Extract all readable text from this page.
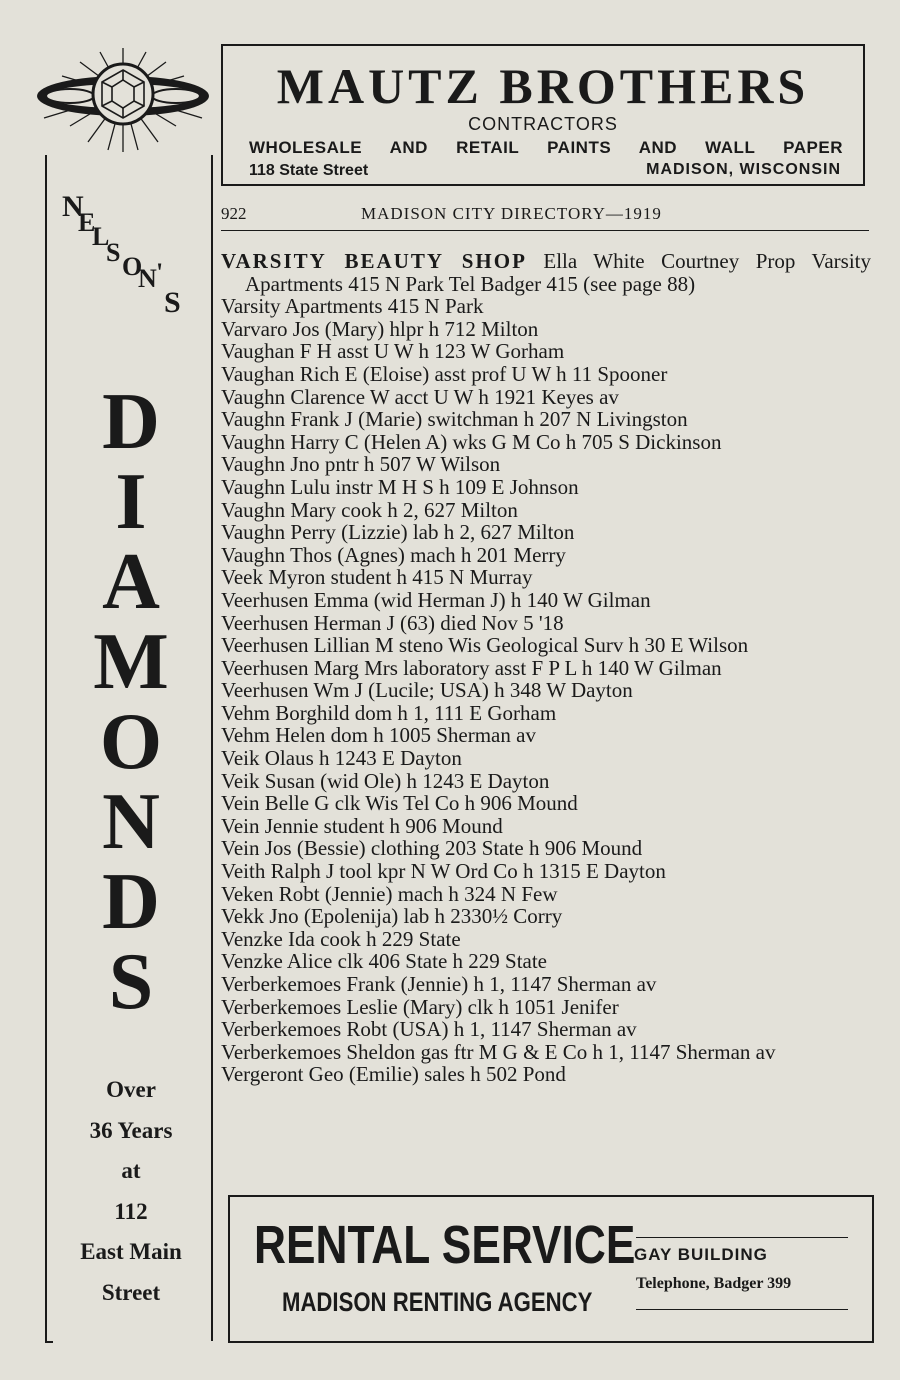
N
E
L
S O
N '
S
D
I
A
M
O
N
D
S
Over
36 Years
at
112
East Main
Street
MAUTZ BROTHERS
CONTRACTORS
WHOLESALE AND RETAIL PAINTS AND WALL PAPER
118 State Street	MADISON, WISCONSIN
922	MADISON CITY DIRECTORY—1919
VARSITY BEAUTY SHOP Ella White Courtney Prop Varsity Apartments 415 N Park Tel Badger 415 (see page 88)
Varsity Apartments 415 N Park
Varvaro Jos (Mary) hlpr h 712 Milton
Vaughan F H asst U W h 123 W Gorham
Vaughan Rich E (Eloise) asst prof U W h 11 Spooner
Vaughn Clarence W acct U W h 1921 Keyes av
Vaughn Frank J (Marie) switchman h 207 N Livingston
Vaughn Harry C (Helen A) wks G M Co h 705 S Dickinson
Vaughn Jno pntr h 507 W Wilson
Vaughn Lulu instr M H S h 109 E Johnson
Vaughn Mary cook h 2, 627 Milton
Vaughn Perry (Lizzie) lab h 2, 627 Milton
Vaughn Thos (Agnes) mach h 201 Merry
Veek Myron student h 415 N Murray
Veerhusen Emma (wid Herman J) h 140 W Gilman
Veerhusen Herman J (63) died Nov 5 '18
Veerhusen Lillian M steno Wis Geological Surv h 30 E Wilson
Veerhusen Marg Mrs laboratory asst F P L h 140 W Gilman
Veerhusen Wm J (Lucile; USA) h 348 W Dayton
Vehm Borghild dom h 1, 111 E Gorham
Vehm Helen dom h 1005 Sherman av
Veik Olaus h 1243 E Dayton
Veik Susan (wid Ole) h 1243 E Dayton
Vein Belle G clk Wis Tel Co h 906 Mound
Vein Jennie student h 906 Mound
Vein Jos (Bessie) clothing 203 State h 906 Mound
Veith Ralph J tool kpr N W Ord Co h 1315 E Dayton
Veken Robt (Jennie) mach h 324 N Few
Vekk Jno (Epolenija) lab h 2330½ Corry
Venzke Ida cook h 229 State
Venzke Alice clk 406 State h 229 State
Verberkemoes Frank (Jennie) h 1, 1147 Sherman av
Verberkemoes Leslie (Mary) clk h 1051 Jenifer
Verberkemoes Robt (USA) h 1, 1147 Sherman av
Verberkemoes Sheldon gas ftr M G & E Co h 1, 1147 Sherman av
Vergeront Geo (Emilie) sales h 502 Pond
RENTAL SERVICE
MADISON RENTING AGENCY
GAY BUILDING
Telephone, Badger 399
